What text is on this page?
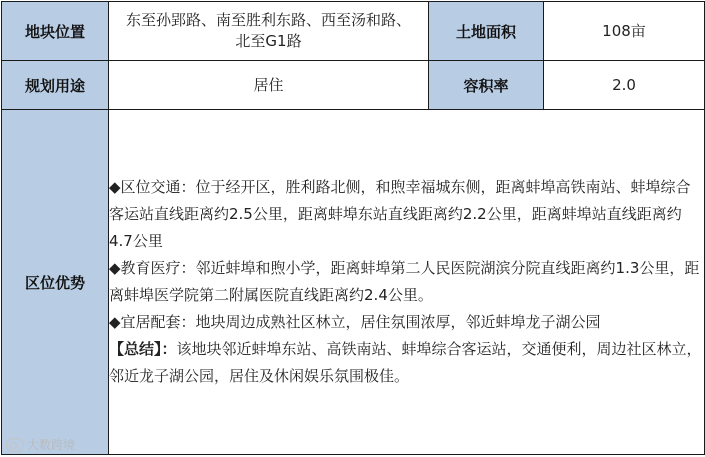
地块位置	东至孙郢路、南至胜利东路、西至汤和路、北至G1路	土地面积	108亩
规划用途	居住	容积率	2.0
区位优势	◆区位交通：位于经开区，胜利路北侧，和煦幸福城东侧，距离蚌埠高铁南站、蚌埠综合客运站直线距离约2.5公里，距离蚌埠东站直线距离约2.2公里，距离蚌埠站直线距离约4.7公里

◆教育医疗：邻近蚌埠和煦小学，距离蚌埠第二人民医院湖滨分院直线距离约1.3公里，距离蚌埠医学院第二附属医院直线距离约2.4公里。

◆宜居配套：地块周边成熟社区林立，居住氛围浓厚，邻近蚌埠龙子湖公园

【总结】：该地块邻近蚌埠东站、高铁南站、蚌埠综合客运站，交通便利，周边社区林立，邻近龙子湖公园，居住及休闲娱乐氛围极佳。		

大数跨境
